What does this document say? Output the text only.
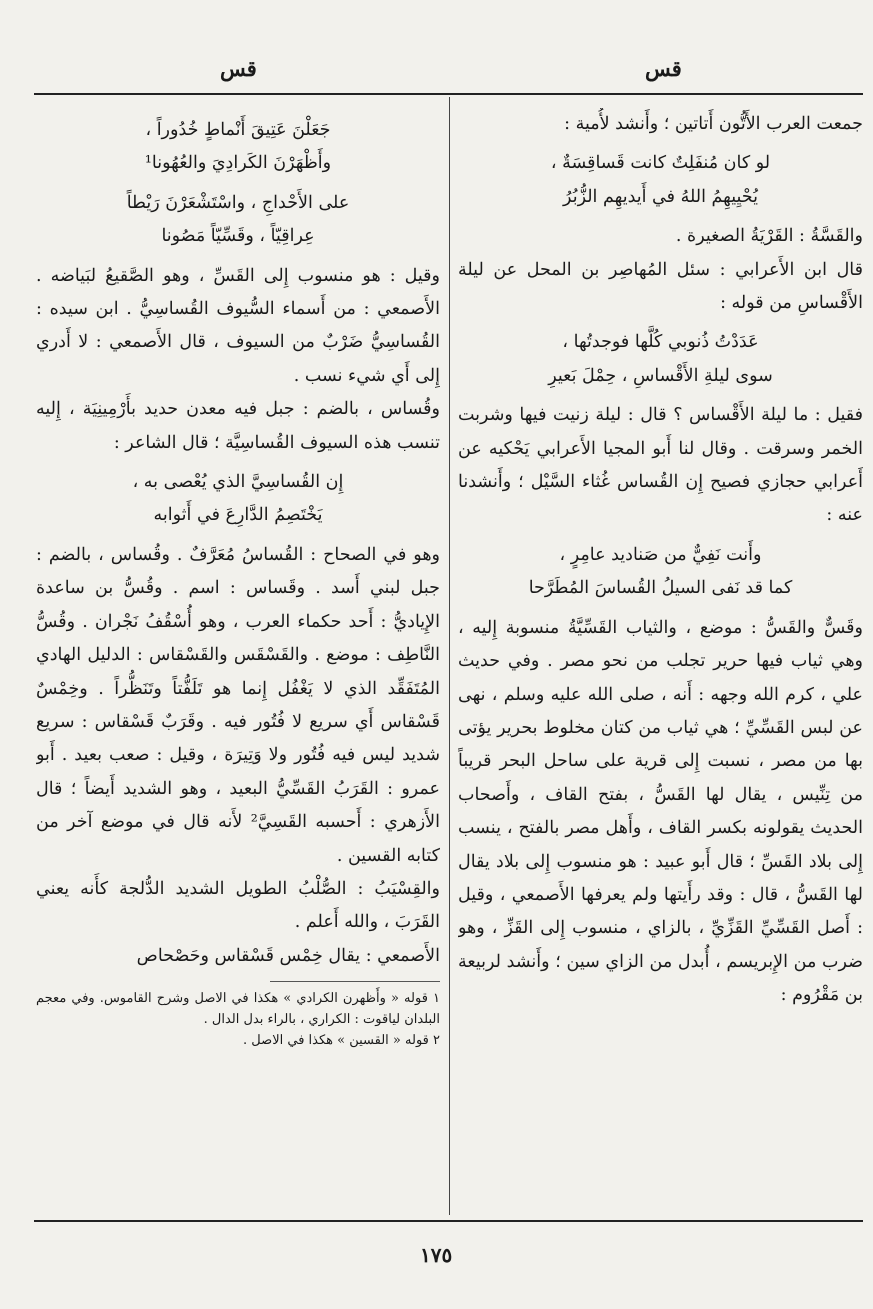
قس
قس

جمعت العرب الأَتُّون أَتاتين ؛ وأَنشد لأُمية :

لو كان مُنفَلِتٌ كانت قَساقِسَةٌ ،
يُحْيِيهِمُ اللهُ في أَيديهِم الزُّبُرُ

والقَسَّةُ : القَرْيَةُ الصغيرة .

قال ابن الأَعرابي : سئل المُهاصِر بن المحل عن ليلة الأَقْساسِ من قوله :

عَدَدْتُ ذُنوبي كُلَّها فوجدتُها ،
سوى ليلةِ الأَقْساسِ ، حِمْلَ بَعيرِ

فقيل : ما ليلة الأَقْساس ؟ قال : ليلة زنيت فيها وشربت الخمر وسرقت . وقال لنا أَبو المجيا الأَعرابي يَحْكيه عن أَعرابي حجازي فصيح إِن القُساس غُثاء السَّيْل ؛ وأَنشدنا عنه :

وأَنت نَفِيٌّ من صَناديد عامِرٍ ،
كما قد نَفى السيلُ القُساسَ المُطَرَّحا

وقَسٌّ والقَسُّ : موضع ، والثياب القَسِّيَّةُ منسوبة إِليه ، وهي ثياب فيها حرير تجلب من نحو مصر . وفي حديث علي ، كرم الله وجهه : أَنه ، صلى الله عليه وسلم ، نهى عن لبس القَسِّيِّ ؛ هي ثياب من كتان مخلوط بحرير يؤتى بها من مصر ، نسبت إِلى قرية على ساحل البحر قريباً من تِنِّيس ، يقال لها القَسُّ ، بفتح القاف ، وأَصحاب الحديث يقولونه بكسر القاف ، وأَهل مصر بالفتح ، ينسب إِلى بلاد القَسِّ ؛ قال أَبو عبيد : هو منسوب إِلى بلاد يقال لها القَسُّ ، قال : وقد رأَيتها ولم يعرفها الأَصمعي ، وقيل : أَصل القَسِّيِّ القَزِّيِّ ، بالزاي ، منسوب إِلى القَزِّ ، وهو ضرب من الإِبريسم ، أُبدل من الزاي سين ؛ وأَنشد لربيعة بن مَقْرُوم :

جَعَلْنَ عَتِيقَ أَنْماطٍ خُدُوراً ،
وأَظْهَرْنَ الكَرادِيَ والعُهُونا¹

على الأَحْداجِ ، واسْتَشْعَرْنَ رَيْطاً
عِراقِيّاً ، وقَسِّيّاً مَصُونا

وقيل : هو منسوب إِلى القَسِّ ، وهو الصَّقيعُ لبَياضه . الأَصمعي : من أَسماء السُّيوف القُساسِيُّ . ابن سيده : القُساسِيُّ ضَرْبٌ من السيوف ، قال الأَصمعي : لا أَدري إِلى أَي شيء نسب .

وقُساس ، بالضم : جبل فيه معدن حديد بأَرْمِينِيَة ، إِليه تنسب هذه السيوف القُساسِيَّة ؛ قال الشاعر :

إِن القُساسِيَّ الذي يُعْصى به ،
يَخْتَصِمُ الدَّارِعَ في أَثوابه

وهو في الصحاح : القُساسُ مُعَرَّفٌ . وقُساس ، بالضم : جبل لبني أَسد . وقَساس : اسم . وقُسُّ بن ساعدة الإِياديُّ : أَحد حكماء العرب ، وهو أُسْقُفُ نَجْران . وقُسُّ النَّاطِف : موضع . والقَسْقَس والقَسْقاس : الدليل الهادي المُتَفَقِّد الذي لا يَغْفُل إِنما هو تَلَفُّتاً وتَنَظُّراً . وخِمْسٌ قَسْقاس أَي سريع لا فُتُور فيه . وقَرَبٌ قَسْقاس : سريع شديد ليس فيه فُتُور ولا وَتِيرَة ، وقيل : صعب بعيد . أَبو عمرو : القَرَبُ القَسِّيُّ البعيد ، وهو الشديد أَيضاً ؛ قال الأَزهري : أَحسبه القَسِيَّ² لأَنه قال في موضع آخر من كتابه القسين .

والقِسْيَبُ : الصُّلْبُ الطويل الشديد الدُّلجة كأَنه يعني القَرَبَ ، والله أَعلم .

الأَصمعي : يقال خِمْس قَسْقاس وحَصْحاص

١ قوله « وأَظهرن الكرادي » هكذا في الاصل وشرح القاموس. وفي معجم البلدان لياقوت : الكراري ، بالراء بدل الدال .

٢ قوله « القسين » هكذا في الاصل .

١٧٥
